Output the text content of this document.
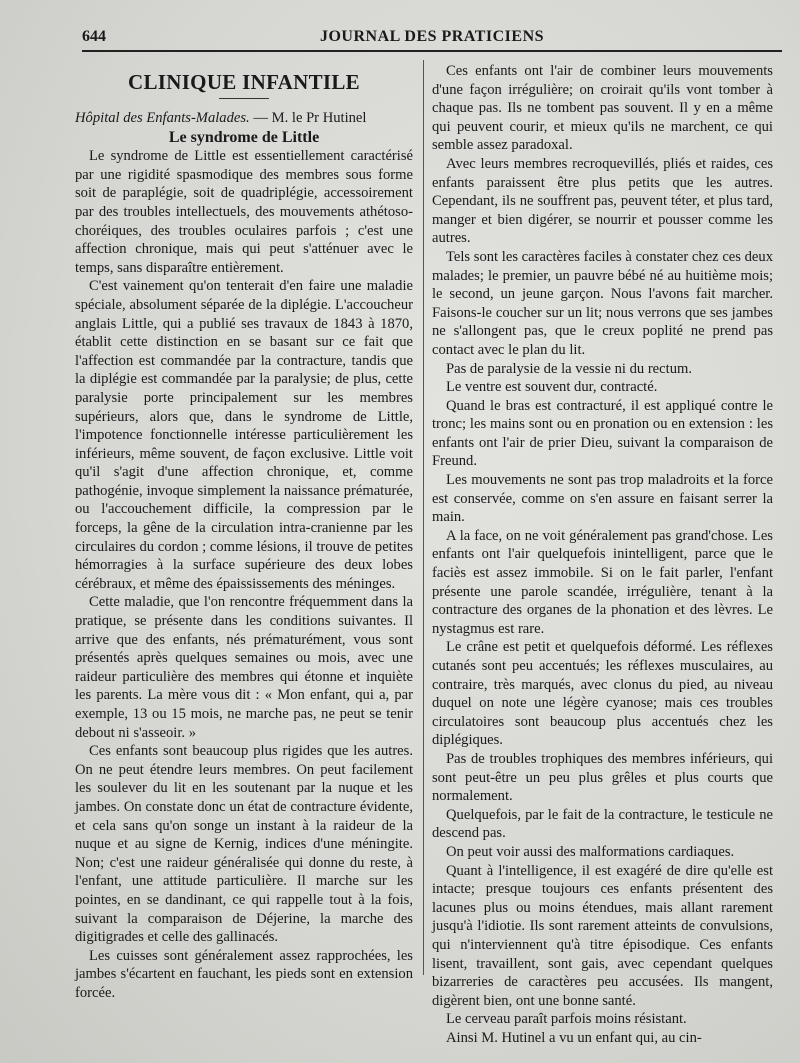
644	JOURNAL DES PRATICIENS
CLINIQUE INFANTILE

Hôpital des Enfants-Malades. — M. le Pr Hutinel

Le syndrome de Little

Le syndrome de Little est essentiellement caractérisé par une rigidité spasmodique des membres sous forme soit de paraplégie, soit de quadriplégie, accessoirement par des troubles intellectuels, des mouvements athétoso-choréiques, des troubles oculaires parfois ; c'est une affection chronique, mais qui peut s'atténuer avec le temps, sans disparaître entièrement.

C'est vainement qu'on tenterait d'en faire une maladie spéciale, absolument séparée de la diplégie. L'accoucheur anglais Little, qui a publié ses travaux de 1843 à 1870, établit cette distinction en se basant sur ce fait que l'affection est commandée par la contracture, tandis que la diplégie est commandée par la paralysie; de plus, cette paralysie porte principalement sur les membres supérieurs, alors que, dans le syndrome de Little, l'impotence fonctionnelle intéresse particulièrement les inférieurs, même souvent, de façon exclusive. Little voit qu'il s'agit d'une affection chronique, et, comme pathogénie, invoque simplement la naissance prématurée, ou l'accouchement difficile, la compression par le forceps, la gêne de la circulation intra-cranienne par les circulaires du cordon ; comme lésions, il trouve de petites hémorragies à la surface supérieure des deux lobes cérébraux, et même des épaississements des méninges.

Cette maladie, que l'on rencontre fréquemment dans la pratique, se présente dans les conditions suivantes. Il arrive que des enfants, nés prématurément, vous sont présentés après quelques semaines ou mois, avec une raideur particulière des membres qui étonne et inquiète les parents. La mère vous dit : « Mon enfant, qui a, par exemple, 13 ou 15 mois, ne marche pas, ne peut se tenir debout ni s'asseoir. »

Ces enfants sont beaucoup plus rigides que les autres. On ne peut étendre leurs membres. On peut facilement les soulever du lit en les soutenant par la nuque et les jambes. On constate donc un état de contracture évidente, et cela sans qu'on songe un instant à la raideur de la nuque et au signe de Kernig, indices d'une méningite. Non; c'est une raideur généralisée qui donne du reste, à l'enfant, une attitude particulière. Il marche sur les pointes, en se dandinant, ce qui rappelle tout à la fois, suivant la comparaison de Déjerine, la marche des digitigrades et celle des gallinacés.

Les cuisses sont généralement assez rapprochées, les jambes s'écartent en fauchant, les pieds sont en extension forcée.

Ces enfants ont l'air de combiner leurs mouvements d'une façon irrégulière; on croirait qu'ils vont tomber à chaque pas. Ils ne tombent pas souvent. Il y en a même qui peuvent courir, et mieux qu'ils ne marchent, ce qui semble assez paradoxal.

Avec leurs membres recroquevillés, pliés et raides, ces enfants paraissent être plus petits que les autres. Cependant, ils ne souffrent pas, peuvent téter, et plus tard, manger et bien digérer, se nourrir et pousser comme les autres.

Tels sont les caractères faciles à constater chez ces deux malades; le premier, un pauvre bébé né au huitième mois; le second, un jeune garçon. Nous l'avons fait marcher. Faisons-le coucher sur un lit; nous verrons que ses jambes ne s'allongent pas, que le creux poplité ne prend pas contact avec le plan du lit.

Pas de paralysie de la vessie ni du rectum.

Le ventre est souvent dur, contracté.

Quand le bras est contracturé, il est appliqué contre le tronc; les mains sont ou en pronation ou en extension : les enfants ont l'air de prier Dieu, suivant la comparaison de Freund.

Les mouvements ne sont pas trop maladroits et la force est conservée, comme on s'en assure en faisant serrer la main.

A la face, on ne voit généralement pas grand'chose. Les enfants ont l'air quelquefois inintelligent, parce que le faciès est assez immobile. Si on le fait parler, l'enfant présente une parole scandée, irrégulière, tenant à la contracture des organes de la phonation et des lèvres. Le nystagmus est rare.

Le crâne est petit et quelquefois déformé. Les réflexes cutanés sont peu accentués; les réflexes musculaires, au contraire, très marqués, avec clonus du pied, au niveau duquel on note une légère cyanose; mais ces troubles circulatoires sont beaucoup plus accentués chez les diplégiques.

Pas de troubles trophiques des membres inférieurs, qui sont peut-être un peu plus grêles et plus courts que normalement.

Quelquefois, par le fait de la contracture, le testicule ne descend pas.

On peut voir aussi des malformations cardiaques.

Quant à l'intelligence, il est exagéré de dire qu'elle est intacte; presque toujours ces enfants présentent des lacunes plus ou moins étendues, mais allant rarement jusqu'à l'idiotie. Ils sont rarement atteints de convulsions, qui n'interviennent qu'à titre épisodique. Ces enfants lisent, travaillent, sont gais, avec cependant quelques bizarreries de caractères peu accusées. Ils mangent, digèrent bien, ont une bonne santé.

Le cerveau paraît parfois moins résistant.

Ainsi M. Hutinel a vu un enfant qui, au cin-
